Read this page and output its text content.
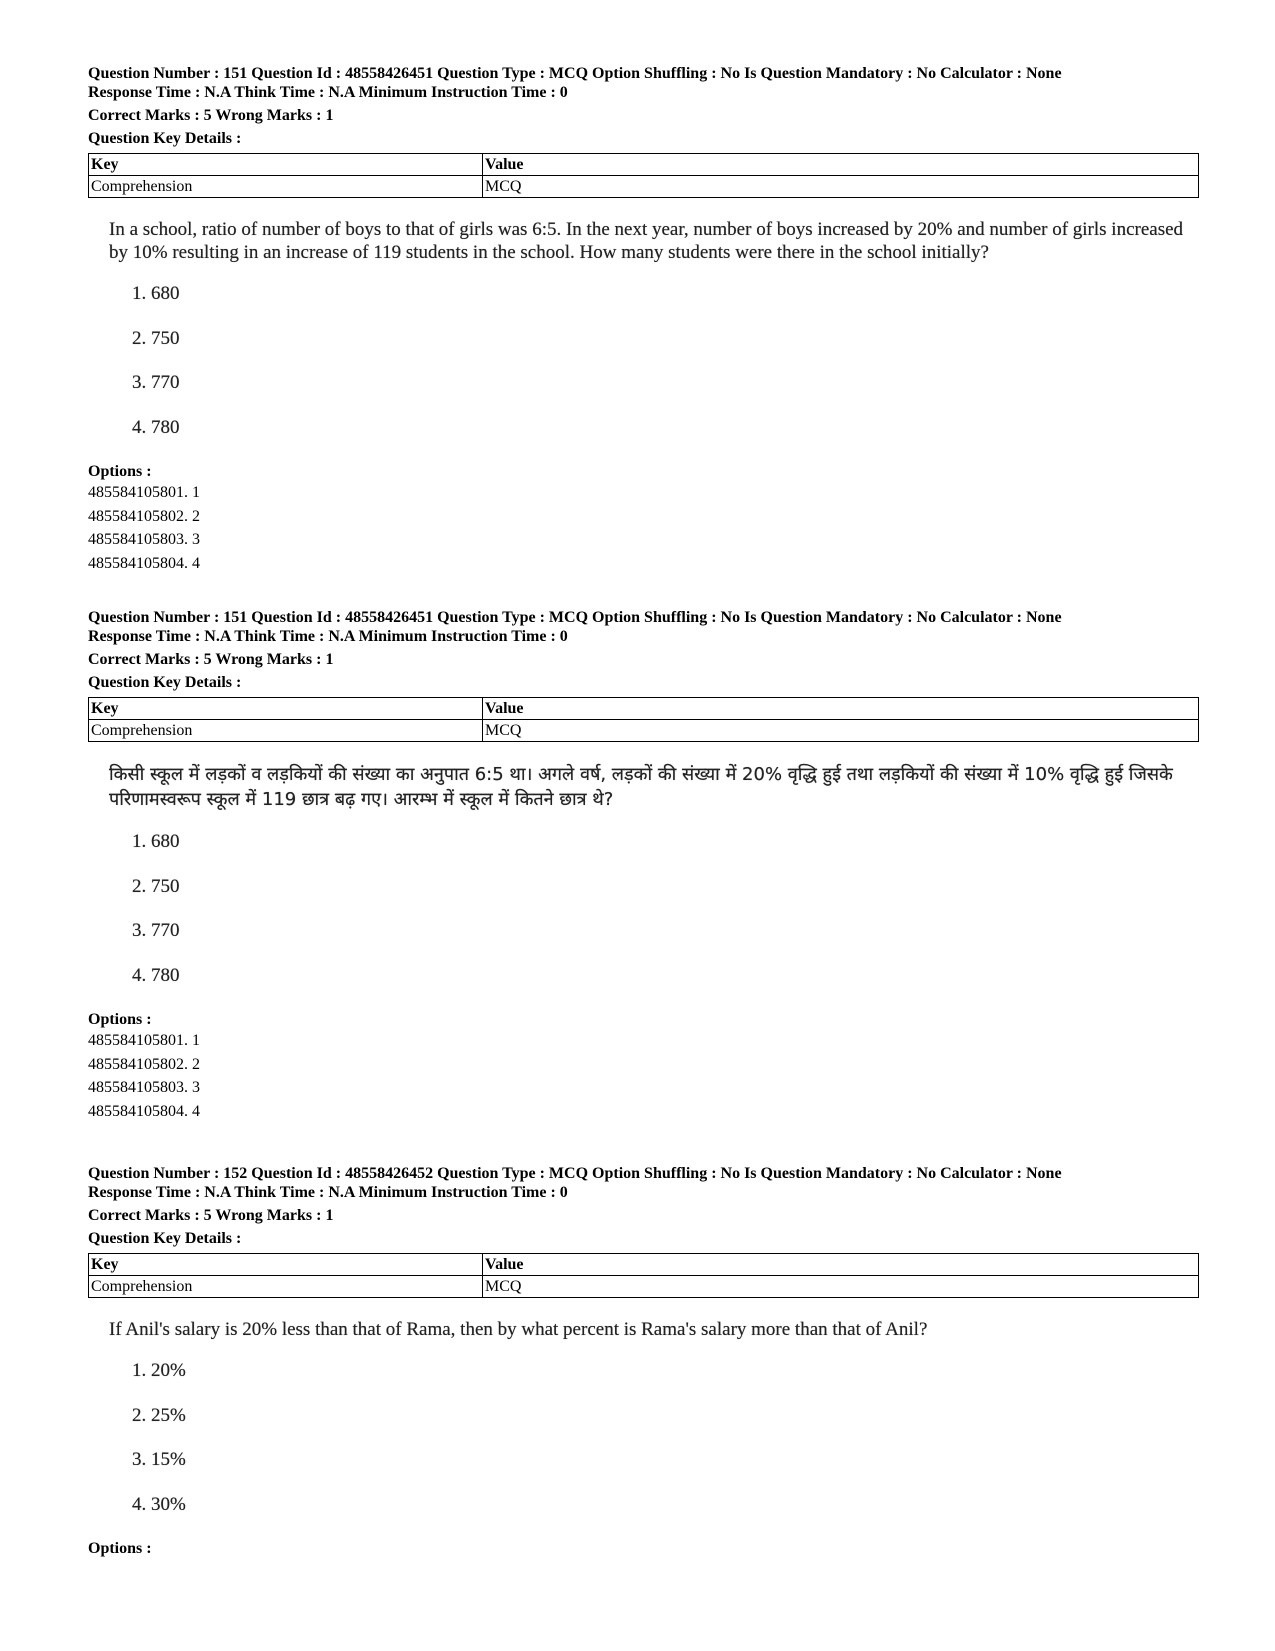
Question Number : 151 Question Id : 48558426451 Question Type : MCQ Option Shuffling : No Is Question Mandatory : No Calculator : None

Response Time : N.A Think Time : N.A Minimum Instruction Time : 0

Correct Marks : 5 Wrong Marks : 1

Question Key Details :

Key	Value
Comprehension	MCQ
In a school, ratio of number of boys to that of girls was 6:5. In the next year, number of boys increased by 20% and number of girls increased by 10% resulting in an increase of 119 students in the school. How many students were there in the school initially?
1. 680
2. 750
3. 770
4. 780
Options :
485584105801. 1
485584105802. 2
485584105803. 3
485584105804. 4

Question Number : 151 Question Id : 48558426451 Question Type : MCQ Option Shuffling : No Is Question Mandatory : No Calculator : None

Response Time : N.A Think Time : N.A Minimum Instruction Time : 0

Correct Marks : 5 Wrong Marks : 1

Question Key Details :

Key	Value
Comprehension	MCQ
किसी स्कूल में लड़कों व लड़कियों की संख्या का अनुपात 6:5 था। अगले वर्ष, लड़कों की संख्या में 20% वृद्धि हुई तथा लड़कियों की संख्या में 10% वृद्धि हुई जिसके परिणामस्वरूप स्कूल में 119 छात्र बढ़ गए। आरम्भ में स्कूल में कितने छात्र थे?
1. 680
2. 750
3. 770
4. 780
Options :
485584105801. 1
485584105802. 2
485584105803. 3
485584105804. 4

Question Number : 152 Question Id : 48558426452 Question Type : MCQ Option Shuffling : No Is Question Mandatory : No Calculator : None

Response Time : N.A Think Time : N.A Minimum Instruction Time : 0

Correct Marks : 5 Wrong Marks : 1

Question Key Details :

Key	Value
Comprehension	MCQ
If Anil's salary is 20% less than that of Rama, then by what percent is Rama's salary more than that of Anil?
1. 20%
2. 25%
3. 15%
4. 30%
Options :
